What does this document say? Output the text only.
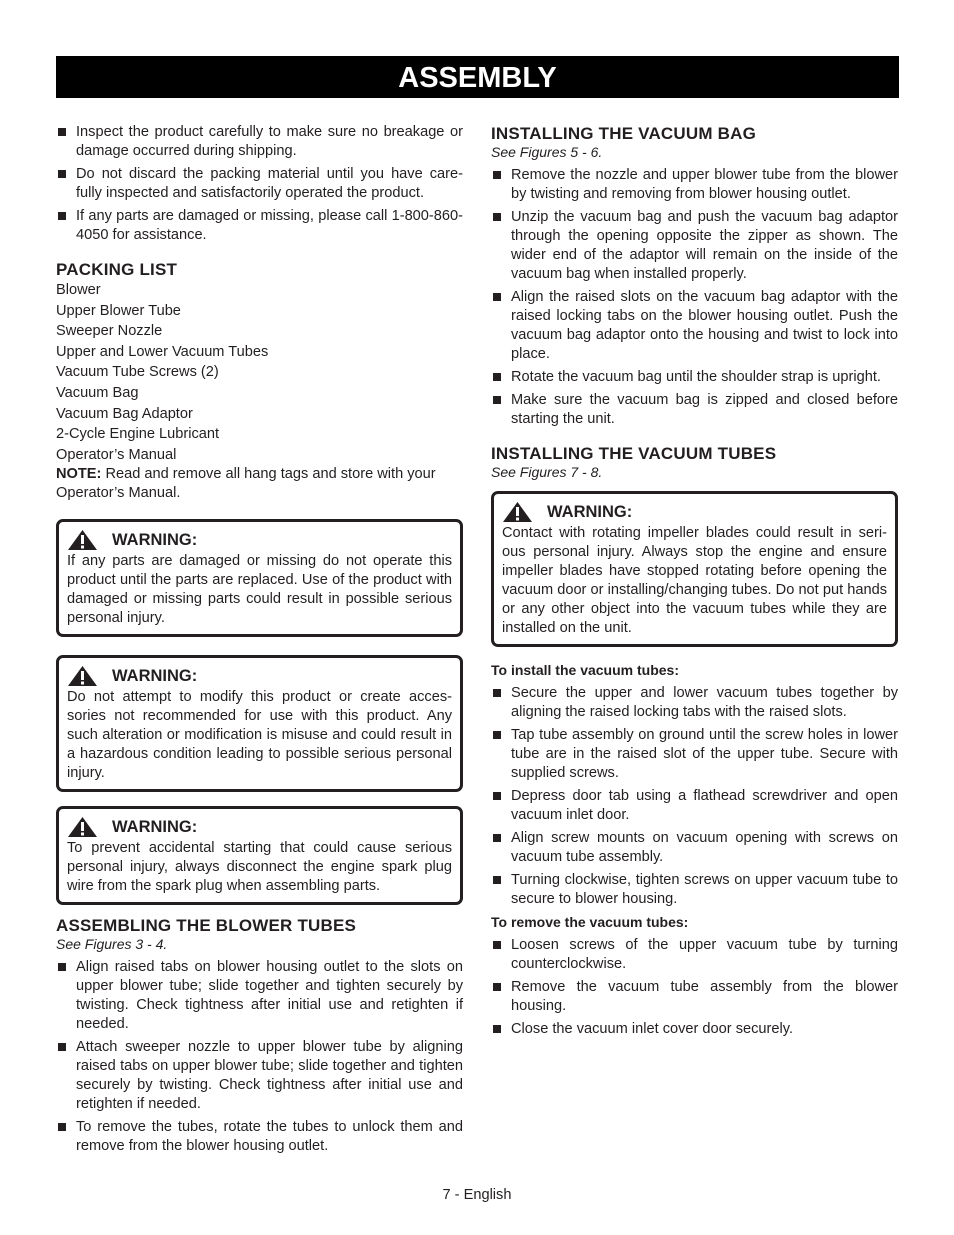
ASSEMBLY
Inspect the product carefully to make sure no breakage or damage occurred during shipping.
Do not discard the packing material until you have care- fully inspected and satisfactorily operated the product.
If any parts are damaged or missing, please call 1-800-860-4050 for assistance.
PACKING LIST
Blower
Upper Blower Tube
Sweeper Nozzle
Upper and Lower Vacuum Tubes
Vacuum Tube Screws (2)
Vacuum Bag
Vacuum Bag Adaptor
2-Cycle Engine Lubricant
Operator’s Manual
NOTE: Read and remove all hang tags and store with your Operator’s Manual.
WARNING:
If any parts are damaged or missing do not operate this product until the parts are replaced. Use of the product with damaged or missing parts could result in possible serious personal injury.
WARNING:
Do not attempt to modify this product or create acces- sories not recommended for use with this product. Any such alteration or modification is misuse and could result in a hazardous condition leading to possible serious personal injury.
WARNING:
To prevent accidental starting that could cause serious personal injury, always disconnect the engine spark plug wire from the spark plug when assembling parts.
ASSEMBLING THE BLOWER TUBES

See Figures 3 - 4.

Align raised tabs on blower housing outlet to the slots on upper blower tube; slide together and tighten securely by twisting. Check tightness after initial use and retighten if needed.
Attach sweeper nozzle to upper blower tube by aligning raised tabs on upper blower tube; slide together and tighten securely by twisting. Check tightness after initial use and retighten if needed.
To remove the tubes, rotate the tubes to unlock them and remove from the blower housing outlet.
INSTALLING THE VACUUM BAG

See Figures 5 - 6.

Remove the nozzle and upper blower tube from the blower by twisting and removing from blower housing outlet.
Unzip the vacuum bag and push the vacuum bag adaptor through the opening opposite the zipper as shown. The wider end of the adaptor will remain on the inside of the vacuum bag when installed properly.
Align the raised slots on the vacuum bag adaptor with the raised locking tabs on the blower housing outlet. Push the vacuum bag adaptor onto the housing and twist to lock into place.
Rotate the vacuum bag until the shoulder strap is upright.
Make sure the vacuum bag is zipped and closed before starting the unit.
INSTALLING THE VACUUM TUBES

See Figures 7 - 8.

WARNING:
Contact with rotating impeller blades could result in seri- ous personal injury. Always stop the engine and ensure impeller blades have stopped rotating before opening the vacuum door or installing/changing tubes. Do not put hands or any other object into the vacuum tubes while they are installed on the unit.

To install the vacuum tubes:

Secure the upper and lower vacuum tubes together by aligning the raised locking tabs with the raised slots.
Tap tube assembly on ground until the screw holes in lower tube are in the raised slot of the upper tube. Secure with supplied screws.
Depress door tab using a flathead screwdriver and open vacuum inlet door.
Align screw mounts on vacuum opening with screws on vacuum tube assembly.
Turning clockwise, tighten screws on upper vacuum tube to secure to blower housing.

To remove the vacuum tubes:

Loosen screws of the upper vacuum tube by turning counterclockwise.
Remove the vacuum tube assembly from the blower housing.
Close the vacuum inlet cover door securely.
7 - English
